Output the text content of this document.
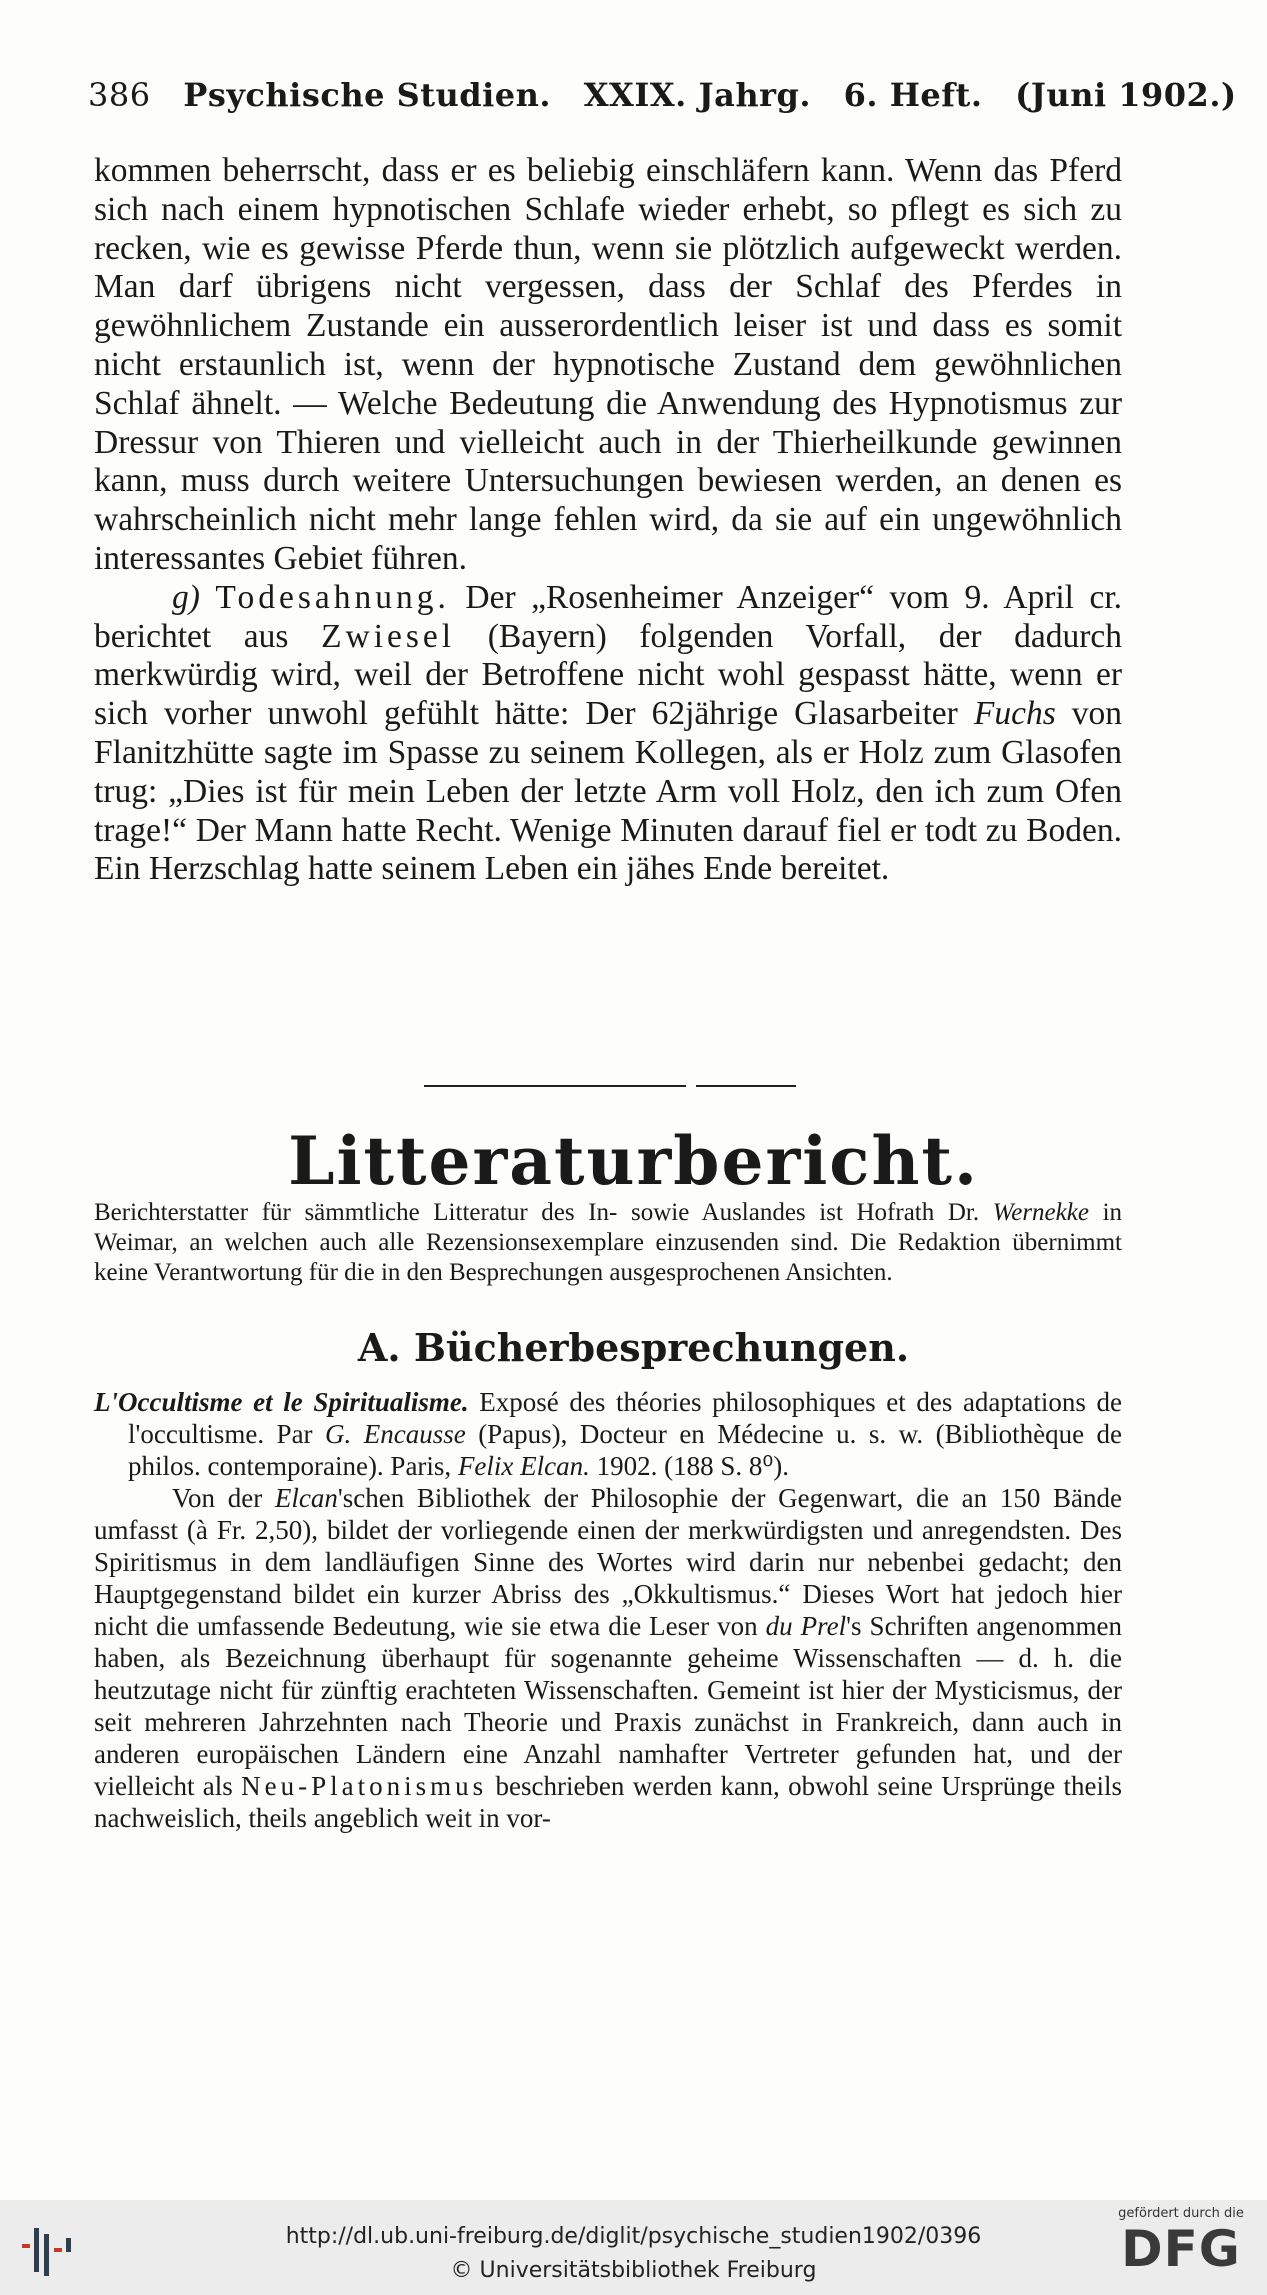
386 Psychische Studien. XXIX. Jahrg. 6. Heft. (Juni 1902.)

kommen beherrscht, dass er es beliebig einschläfern kann. Wenn das Pferd sich nach einem hypnotischen Schlafe wieder erhebt, so pflegt es sich zu recken, wie es gewisse Pferde thun, wenn sie plötzlich aufgeweckt werden. Man darf übrigens nicht vergessen, dass der Schlaf des Pferdes in gewöhnlichem Zustande ein ausserordentlich leiser ist und dass es somit nicht erstaunlich ist, wenn der hypnotische Zustand dem gewöhnlichen Schlaf ähnelt. — Welche Bedeutung die Anwendung des Hypnotismus zur Dressur von Thieren und vielleicht auch in der Thierheilkunde gewinnen kann, muss durch weitere Untersuchungen bewiesen werden, an denen es wahrscheinlich nicht mehr lange fehlen wird, da sie auf ein ungewöhnlich interessantes Gebiet führen.

g) Todesahnung. Der „Rosenheimer Anzeiger“ vom 9. April cr. berichtet aus Zwiesel (Bayern) folgenden Vorfall, der dadurch merkwürdig wird, weil der Betroffene nicht wohl gespasst hätte, wenn er sich vorher unwohl gefühlt hätte: Der 62jährige Glasarbeiter Fuchs von Flanitzhütte sagte im Spasse zu seinem Kollegen, als er Holz zum Glasofen trug: „Dies ist für mein Leben der letzte Arm voll Holz, den ich zum Ofen trage!“ Der Mann hatte Recht. Wenige Minuten darauf fiel er todt zu Boden. Ein Herzschlag hatte seinem Leben ein jähes Ende bereitet.

Litteraturbericht.
Berichterstatter für sämmtliche Litteratur des In- sowie Auslandes ist Hofrath Dr. Wernekke in Weimar, an welchen auch alle Rezensionsexemplare einzusenden sind. Die Redaktion übernimmt keine Verantwortung für die in den Besprechungen ausgesprochenen Ansichten.
A. Bücherbesprechungen.

L'Occultisme et le Spiritualisme. Exposé des théories philosophiques et des adaptations de l'occultisme. Par G. Encausse (Papus), Docteur en Médecine u. s. w. (Bibliothèque de philos. contemporaine). Paris, Felix Elcan. 1902. (188 S. 8⁰).

Von der Elcan'schen Bibliothek der Philosophie der Gegenwart, die an 150 Bände umfasst (à Fr. 2,50), bildet der vorliegende einen der merkwürdigsten und anregendsten. Des Spiritismus in dem landläufigen Sinne des Wortes wird darin nur nebenbei gedacht; den Hauptgegenstand bildet ein kurzer Abriss des „Okkultismus.“ Dieses Wort hat jedoch hier nicht die umfassende Bedeutung, wie sie etwa die Leser von du Prel's Schriften angenommen haben, als Bezeichnung überhaupt für sogenannte geheime Wissenschaften — d. h. die heutzutage nicht für zünftig erachteten Wissenschaften. Gemeint ist hier der Mysticismus, der seit mehreren Jahrzehnten nach Theorie und Praxis zunächst in Frankreich, dann auch in anderen europäischen Ländern eine Anzahl namhafter Vertreter gefunden hat, und der vielleicht als Neu-Platonismus beschrieben werden kann, obwohl seine Ursprünge theils nachweislich, theils angeblich weit in vor-

http://dl.ub.uni-freiburg.de/diglit/psychische_studien1902/0396
© Universitätsbibliothek Freiburg
gefördert durch die
DFG
